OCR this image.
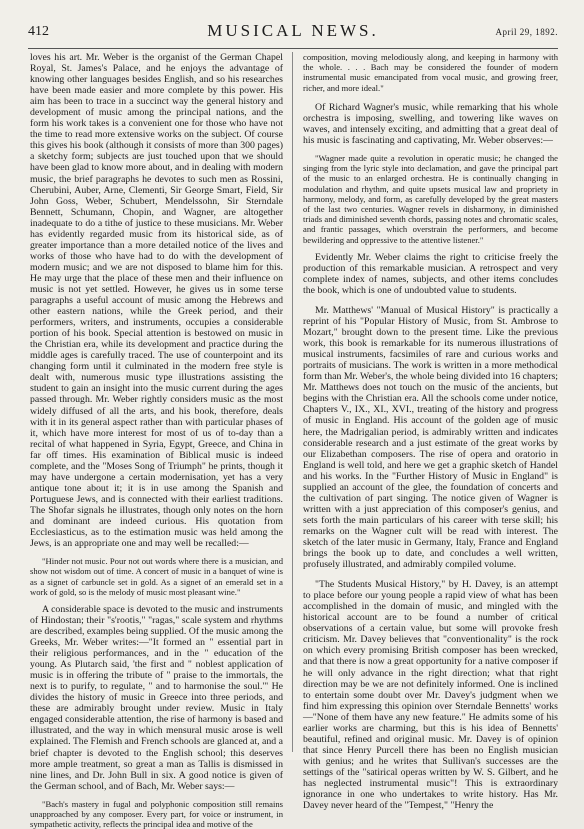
412	MUSICAL NEWS.	April 29, 1892.

loves his art. Mr. Weber is the organist of the German Chapel Royal, St. James's Palace, and he enjoys the advantage of knowing other languages besides English, and so his researches have been made easier and more complete by this power. His aim has been to trace in a succinct way the general history and development of music among the principal nations, and the form his work takes is a convenient one for those who have not the time to read more extensive works on the subject. Of course this gives his book (although it consists of more than 300 pages) a sketchy form; subjects are just touched upon that we should have been glad to know more about, and in dealing with modern music, the brief paragraphs he devotes to such men as Rossini, Cherubini, Auber, Arne, Clementi, Sir George Smart, Field, Sir John Goss, Weber, Schubert, Mendelssohn, Sir Sterndale Bennett, Schumann, Chopin, and Wagner, are altogether inadequate to do a tithe of justice to these musicians. Mr. Weber has evidently regarded music from its historical side, as of greater importance than a more detailed notice of the lives and works of those who have had to do with the development of modern music; and we are not disposed to blame him for this. He may urge that the place of these men and their influence on music is not yet settled. However, he gives us in some terse paragraphs a useful account of music among the Hebrews and other eastern nations, while the Greek period, and their performers, writers, and instruments, occupies a considerable portion of his book. Special attention is bestowed on music in the Christian era, while its development and practice during the middle ages is carefully traced. The use of counterpoint and its changing form until it culminated in the modern free style is dealt with, numerous music type illustrations assisting the student to gain an insight into the music current during the ages passed through. Mr. Weber rightly considers music as the most widely diffused of all the arts, and his book, therefore, deals with it in its general aspect rather than with particular phases of it, which have more interest for most of us of to-day than a recital of what happened in Syria, Egypt, Greece, and China in far off times. His examination of Biblical music is indeed complete, and the "Moses Song of Triumph" he prints, though it may have undergone a certain modernisation, yet has a very antique tone about it; it is in use among the Spanish and Portuguese Jews, and is connected with their earliest traditions. The Shofar signals he illustrates, though only notes on the horn and dominant are indeed curious. His quotation from Ecclesiasticus, as to the estimation music was held among the Jews, is an appropriate one and may well be recalled:—

"Hinder not music. Pour not out words where there is a musician, and show not wisdom out of time. A concert of music in a banquet of wine is as a signet of carbuncle set in gold. As a signet of an emerald set in a work of gold, so is the melody of music most pleasant wine."

A considerable space is devoted to the music and instruments of Hindostan; their "s'rootis," "ragas," scale system and rhythms are described, examples being supplied. Of the music among the Greeks, Mr. Weber writes:—"It formed an " essential part in their religious performances, and in the " education of the young. As Plutarch said, 'the first and " noblest application of music is in offering the tribute of " praise to the immortals, the next is to purify, to regulate, " and to harmonise the soul.'" He divides the history of music in Greece into three periods, and these are admirably brought under review. Music in Italy engaged considerable attention, the rise of harmony is based and illustrated, and the way in which mensural music arose is well explained. The Flemish and French schools are glanced at, and a brief chapter is devoted to the English school; this deserves more ample treatment, so great a man as Tallis is dismissed in nine lines, and Dr. John Bull in six. A good notice is given of the German school, and of Bach, Mr. Weber says:—

"Bach's mastery in fugal and polyphonic composition still remains unapproached by any composer. Every part, for voice or instrument, in sympathetic activity, reflects the principal idea and motive of the

composition, moving melodiously along, and keeping in harmony with the whole. . . . Bach may be considered the founder of modern instrumental music emancipated from vocal music, and growing freer, richer, and more ideal."

Of Richard Wagner's music, while remarking that his whole orchestra is imposing, swelling, and towering like waves on waves, and intensely exciting, and admitting that a great deal of his music is fascinating and captivating, Mr. Weber observes:—

"Wagner made quite a revolution in operatic music; he changed the singing from the lyric style into declamation, and gave the principal part of the music to an enlarged orchestra. He is continually changing in modulation and rhythm, and quite upsets musical law and propriety in harmony, melody, and form, as carefully developed by the great masters of the last two centuries. Wagner revels in disharmony, in diminished triads and diminished seventh chords, passing notes and chromatic scales, and frantic passages, which overstrain the performers, and become bewildering and oppressive to the attentive listener."

Evidently Mr. Weber claims the right to criticise freely the production of this remarkable musician. A retrospect and very complete index of names, subjects, and other items concludes the book, which is one of undoubted value to students.

Mr. Matthews' "Manual of Musical History" is practically a reprint of his "Popular History of Music, from St. Ambrose to Mozart," brought down to the present time. Like the previous work, this book is remarkable for its numerous illustrations of musical instruments, facsimiles of rare and curious works and portraits of musicians. The work is written in a more methodical form than Mr. Weber's, the whole being divided into 16 chapters; Mr. Matthews does not touch on the music of the ancients, but begins with the Christian era. All the schools come under notice, Chapters V., IX., XI., XVI., treating of the history and progress of music in England. His account of the golden age of music here, the Madrigalian period, is admirably written and indicates considerable research and a just estimate of the great works by our Elizabethan composers. The rise of opera and oratorio in England is well told, and here we get a graphic sketch of Handel and his works. In the "Further History of Music in England" is supplied an account of the glee, the foundation of concerts and the cultivation of part singing. The notice given of Wagner is written with a just appreciation of this composer's genius, and sets forth the main particulars of his career with terse skill; his remarks on the Wagner cult will be read with interest. The sketch of the later music in Germany, Italy, France and England brings the book up to date, and concludes a well written, profusely illustrated, and admirably compiled volume.

"The Students Musical History," by H. Davey, is an attempt to place before our young people a rapid view of what has been accomplished in the domain of music, and mingled with the historical account are to be found a number of critical observations of a certain value, but some will provoke fresh criticism. Mr. Davey believes that "conventionality" is the rock on which every promising British composer has been wrecked, and that there is now a great opportunity for a native composer if he will only advance in the right direction; what that right direction may be we are not definitely informed. One is inclined to entertain some doubt over Mr. Davey's judgment when we find him expressing this opinion over Sterndale Bennetts' works—"None of them have any new feature." He admits some of his earlier works are charming, but this is his idea of Bennetts' beautiful, refined and original music. Mr. Davey is of opinion that since Henry Purcell there has been no English musician with genius; and he writes that Sullivan's successes are the settings of the "satirical operas written by W. S. Gilbert, and he has neglected instrumental music"! This is extraordinary ignorance in one who undertakes to write history. Has Mr. Davey never heard of the "Tempest," "Henry the
